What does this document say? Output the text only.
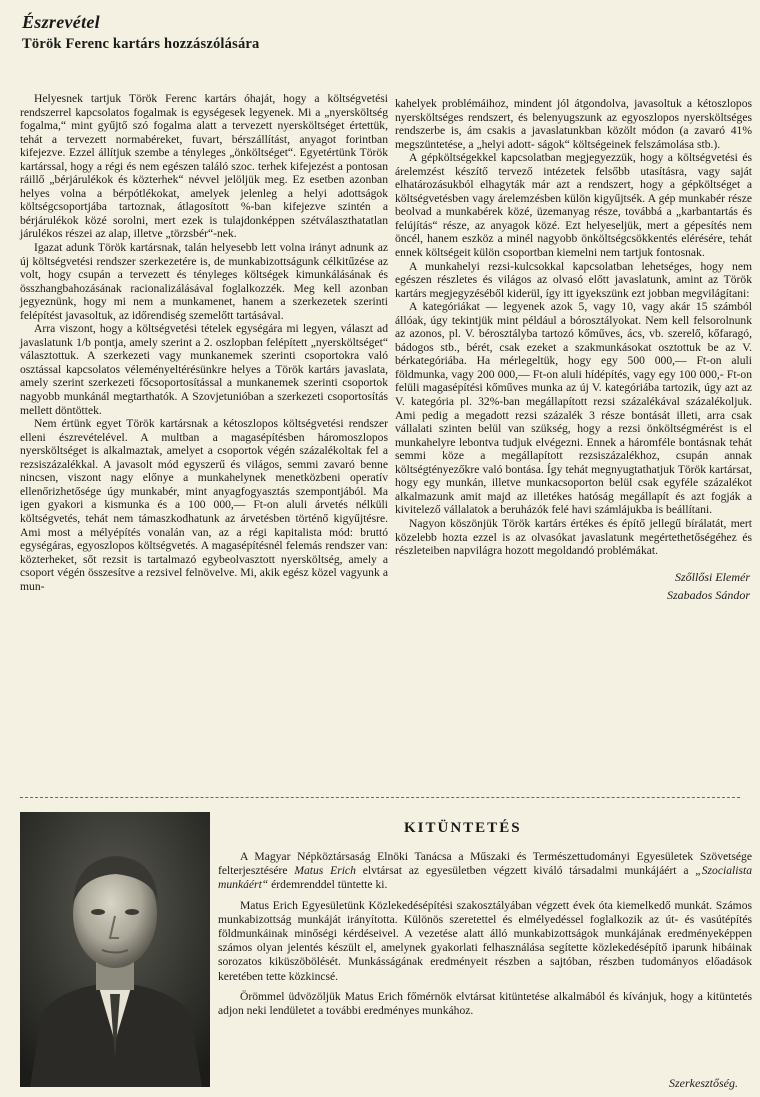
Észrevétel
Török Ferenc kartárs hozzászólására

Helyesnek tartjuk Török Ferenc kartárs óhaját, hogy a költségvetési rendszerrel kapcsolatos fogalmak is egységesek legyenek. Mi a „nyersköltség fogalma,“ mint gyűjtő szó fogalma alatt a tervezett nyersköltséget értettük, tehát a tervezett normabéreket, fuvart, bérszállítást, anyagot forintban kifejezve. Ezzel állítjuk szembe a tényleges „önköltséget“. Egyetértünk Török kartárssal, hogy a régi és nem egészen találó szoc. terhek kifejezést a pontosan ráillő „bérjárulékok és közterhek“ névvel jelöljük meg. Ez esetben azonban helyes volna a bérpótlékokat, amelyek jelenleg a helyi adottságok költségcsoportjába tartoznak, átlagosított %-ban kifejezve szintén a bérjárulékok közé sorolni, mert ezek is tulajdonképpen szétválaszthatatlan járulékos részei az alap, illetve „törzsbér“-nek.

Igazat adunk Török kartársnak, talán helyesebb lett volna irányt adnunk az új költségvetési rendszer szerkezetére is, de munkabizottságunk célkitűzése az volt, hogy csupán a tervezett és tényleges költségek kimunkálásának és összhangbahozásának racionalizálásával foglalkozzék. Meg kell azonban jegyeznünk, hogy mi nem a munkamenet, hanem a szerkezetek szerinti felépítést javasoltuk, az időrendiség szemelőtt tartásával.

Arra viszont, hogy a költségvetési tételek egységára mi legyen, választ ad javaslatunk 1/b pontja, amely szerint a 2. oszlopban felépített „nyersköltséget“ választottuk. A szerkezeti vagy munkanemek szerinti csoportokra való osztással kapcsolatos véleményeltérésünkre helyes a Török kartárs javaslata, amely szerint szerkezeti főcsoportosítással a munkanemek szerinti csoportok nagyobb munkánál megtarthatók. A Szovjetunióban a szerkezeti csoportosítás mellett döntöttek.

Nem értünk egyet Török kartársnak a kétoszlopos költségvetési rendszer elleni észrevételével. A multban a magasépítésben háromoszlopos nyersköltséget is alkalmaztak, amelyet a csoportok végén százalékoltak fel a rezsiszázalékkal. A javasolt mód egyszerű és világos, semmi zavaró benne nincsen, viszont nagy előnye a munkahelynek menetközbeni operatív ellenőrizhetősége úgy munkabér, mint anyagfogyasztás szempontjából. Ma igen gyakori a kismunka és a 100 000,— Ft-on aluli árvetés nélküli költségvetés, tehát nem támaszkodhatunk az árvetésben történő kigyűjtésre. Ami most a mélyépítés vonalán van, az a régi kapitalista mód: bruttó egységáras, egyoszlopos költségvetés. A magasépítésnél felemás rendszer van: közterheket, sőt rezsit is tartalmazó egybeolvasztott nyersköltség, amely a csoport végén összesítve a rezsivel felnövelve. Mi, akik egész közel vagyunk a mun-

kahelyek problémáihoz, mindent jól átgondolva, javasoltuk a kétoszlopos nyersköltséges rendszert, és belenyugszunk az egyoszlopos nyersköltséges rendszerbe is, ám csakis a javaslatunkban közölt módon (a zavaró 41% megszüntetése, a „helyi adott- ságok“ költségeinek felszámolása stb.).

A gépköltségekkel kapcsolatban megjegyezzük, hogy a költségvetési és árelemzést készítő tervező intézetek felsőbb utasításra, vagy saját elhatározásukból elhagyták már azt a rendszert, hogy a gépköltséget a költségvetésben vagy árelemzésben külön kigyűjtsék. A gép munkabér része beolvad a munkabérek közé, üzemanyag része, továbbá a „karbantartás és felújítás“ része, az anyagok közé. Ezt helyeseljük, mert a gépesítés nem öncél, hanem eszköz a minél nagyobb önköltségcsökkentés elérésére, tehát ennek költségeit külön csoportban kiemelni nem tartjuk fontosnak.

A munkahelyi rezsi-kulcsokkal kapcsolatban lehetséges, hogy nem egészen részletes és világos az olvasó előtt javaslatunk, amint az Török kartárs megjegyzéséből kiderül, így itt igyekszünk ezt jobban megvilágítani:

A kategóriákat — legyenek azok 5, vagy 10, vagy akár 15 számból állóak, úgy tekintjük mint például a bórosztályokat. Nem kell felsorolnunk az azonos, pl. V. bérosztályba tartozó kőműves, ács, vb. szerelő, kőfaragó, bádogos stb., bérét, csak ezeket a szakmunkásokat osztottuk be az V. bérkategóriába. Ha mérlegeltük, hogy egy 500 000,— Ft-on aluli földmunka, vagy 200 000,— Ft-on aluli hídépítés, vagy egy 100 000,- Ft-on felüli magasépítési kőműves munka az új V. kategóriába tartozik, úgy azt az V. kategória pl. 32%-ban megállapított rezsi százalékával százalékoljuk. Ami pedig a megadott rezsi százalék 3 része bontását illeti, arra csak vállalati szinten belül van szükség, hogy a rezsi önköltségmérést is el munkahelyre lebontva tudjuk elvégezni. Ennek a háromféle bontásnak tehát semmi köze a megállapított rezsiszázalékhoz, csupán annak költségtényezőkre való bontása. Így tehát megnyugtathatjuk Török kartársat, hogy egy munkán, illetve munkacsoporton belül csak egyféle százalékot alkalmazunk amit majd az illetékes hatóság megállapít és azt fogják a kivitelező vállalatok a beruházók felé havi számlájukba is beállítani.

Nagyon köszönjük Török kartárs értékes és építő jellegű bírálatát, mert közelebb hozta ezzel is az olvasókat javaslatunk megértethetőségéhez és részleteiben napvilágra hozott megoldandó problémákat.

Szőllősi Elemér
Szabados Sándor
KITÜNTETÉS

A Magyar Népköztársaság Elnöki Tanácsa a Műszaki és Természettudományi Egyesületek Szövetsége felterjesztésére Matus Erich elvtársat az egyesületben végzett kiváló társadalmi munkájáért a „Szocialista munkáért“ érdemrenddel tüntette ki.

Matus Erich Egyesületünk Közlekedésépítési szakosztályában végzett évek óta kiemelkedő munkát. Számos munkabizottság munkáját irányította. Különös szeretettel és elmélyedéssel foglalkozik az út- és vasútépítés földmunkáinak minőségi kérdéseivel. A vezetése alatt álló munkabizottságok munkájának eredményeképpen számos olyan jelentés készült el, amelynek gyakorlati felhasználása segítette közlekedésépítő iparunk hibáinak sorozatos kiküszöbölését. Munkásságának eredményeit részben a sajtóban, részben tudományos előadások keretében tette közkincsé.

Örömmel üdvözöljük Matus Erich főmérnök elvtársat kitüntetése alkalmából és kívánjuk, hogy a kitüntetés adjon neki lendületet a további eredményes munkához.

Szerkesztőség.
